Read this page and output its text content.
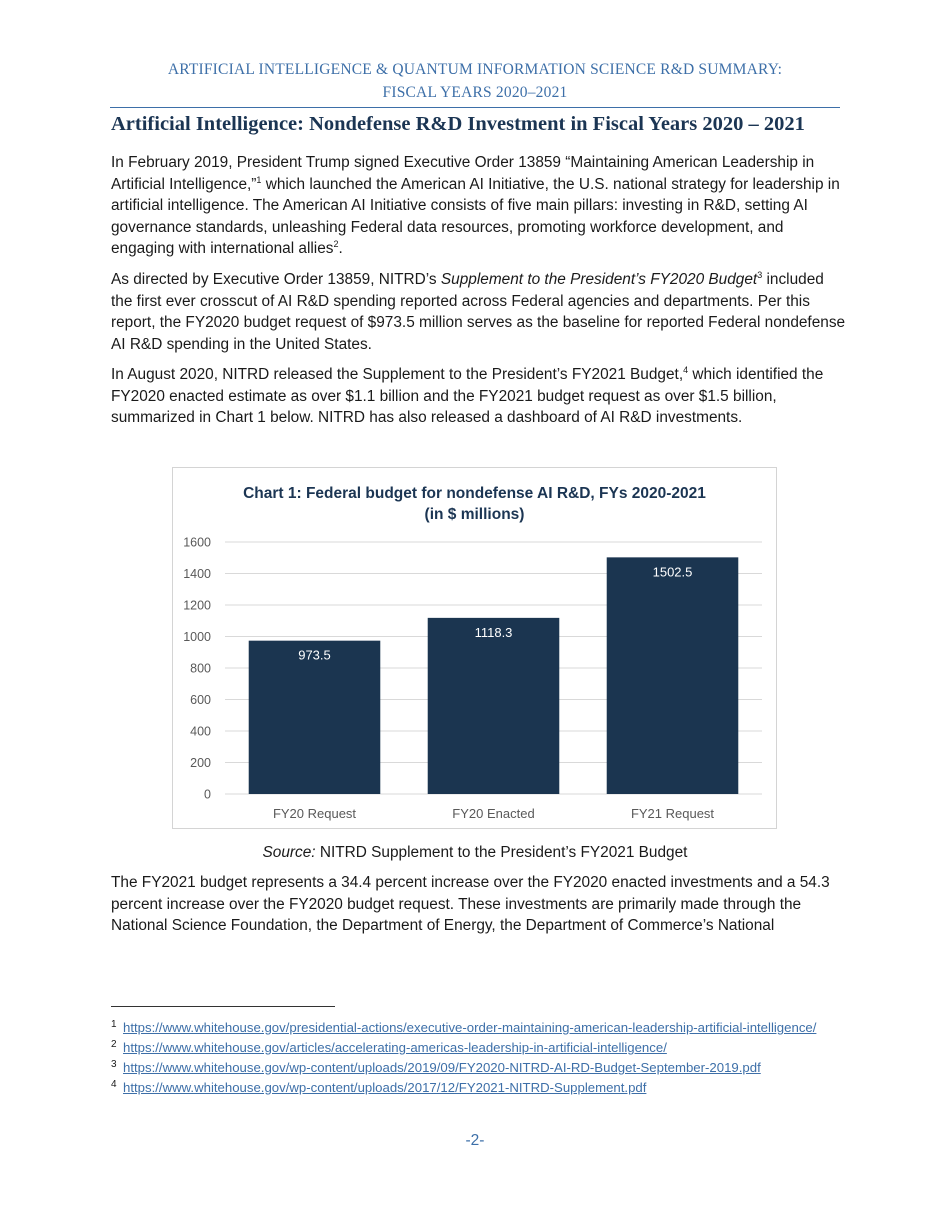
ARTIFICIAL INTELLIGENCE & QUANTUM INFORMATION SCIENCE R&D SUMMARY:
FISCAL YEARS 2020–2021
Artificial Intelligence: Nondefense R&D Investment in Fiscal Years 2020 – 2021

In February 2019, President Trump signed Executive Order 13859 “Maintaining American Leadership in Artificial Intelligence,”$^1$ which launched the American AI Initiative, the U.S. national strategy for leadership in artificial intelligence. The American AI Initiative consists of five main pillars: investing in R&D, setting AI governance standards, unleashing Federal data resources, promoting workforce development, and engaging with international allies$^2$.

As directed by Executive Order 13859, NITRD’s Supplement to the President’s FY2020 Budget$^3$ included the first ever crosscut of AI R&D spending reported across Federal agencies and departments. Per this report, the FY2020 budget request of $973.5 million serves as the baseline for reported Federal nondefense AI R&D spending in the United States.

In August 2020, NITRD released the Supplement to the President’s FY2021 Budget,$^4$ which identified the FY2020 enacted estimate as over $1.1 billion and the FY2021 budget request as over $1.5 billion, summarized in Chart 1 below. NITRD has also released a dashboard of AI R&D investments.

Chart 1: Federal budget for nondefense AI R&D, FYs 2020-2021
(in $ millions)
0
200
400
600
800
1000
1200
1400
1600
973.5
FY20 Request
1118.3
FY20 Enacted
1502.5
FY21 Request
Source: NITRD Supplement to the President’s FY2021 Budget

The FY2021 budget represents a 34.4 percent increase over the FY2020 enacted investments and a 54.3 percent increase over the FY2020 budget request. These investments are primarily made through the National Science Foundation, the Department of Energy, the Department of Commerce’s National

1 https://www.whitehouse.gov/presidential-actions/executive-order-maintaining-american-leadership-artificial-intelligence/
2 https://www.whitehouse.gov/articles/accelerating-americas-leadership-in-artificial-intelligence/
3 https://www.whitehouse.gov/wp-content/uploads/2019/09/FY2020-NITRD-AI-RD-Budget-September-2019.pdf
4 https://www.whitehouse.gov/wp-content/uploads/2017/12/FY2021-NITRD-Supplement.pdf
-2-
